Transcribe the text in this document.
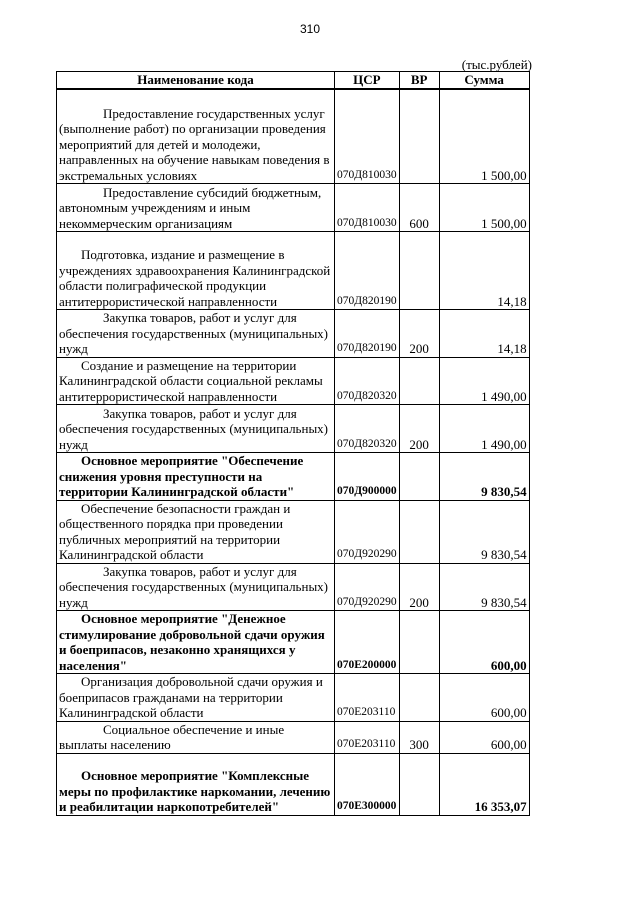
310
(тыс.рублей)
Наименование кода	ЦСР	ВР	Сумма
Предоставление государственных услуг (выполнение работ) по организации проведения мероприятий для детей и молодежи, направленных на обучение навыкам поведения в экстремальных условиях	070Д810030		1 500,00
Предоставление субсидий бюджетным, автономным учреждениям и иным некоммерческим организациям	070Д810030	600	1 500,00
Подготовка, издание и размещение в учреждениях здравоохранения Калининградской области полиграфической продукции антитеррористической направленности	070Д820190		14,18
Закупка товаров, работ и услуг для обеспечения государственных (муниципальных) нужд	070Д820190	200	14,18
Создание и размещение на территории Калининградской области социальной рекламы антитеррористической направленности	070Д820320		1 490,00
Закупка товаров, работ и услуг для обеспечения государственных (муниципальных) нужд	070Д820320	200	1 490,00
Основное мероприятие "Обеспечение снижения уровня преступности на территории Калининградской области"	070Д900000		9 830,54
Обеспечение безопасности граждан и общественного порядка при проведении публичных мероприятий на территории Калининградской области	070Д920290		9 830,54
Закупка товаров, работ и услуг для обеспечения государственных (муниципальных) нужд	070Д920290	200	9 830,54
Основное мероприятие "Денежное стимулирование добровольной сдачи оружия и боеприпасов, незаконно хранящихся у населения"	070Е200000		600,00
Организация добровольной сдачи оружия и боеприпасов гражданами на территории Калининградской области	070Е203110		600,00
Социальное обеспечение и иные выплаты населению	070Е203110	300	600,00
Основное мероприятие "Комплексные меры по профилактике наркомании, лечению и реабилитации наркопотребителей"	070Е300000		16 353,07
